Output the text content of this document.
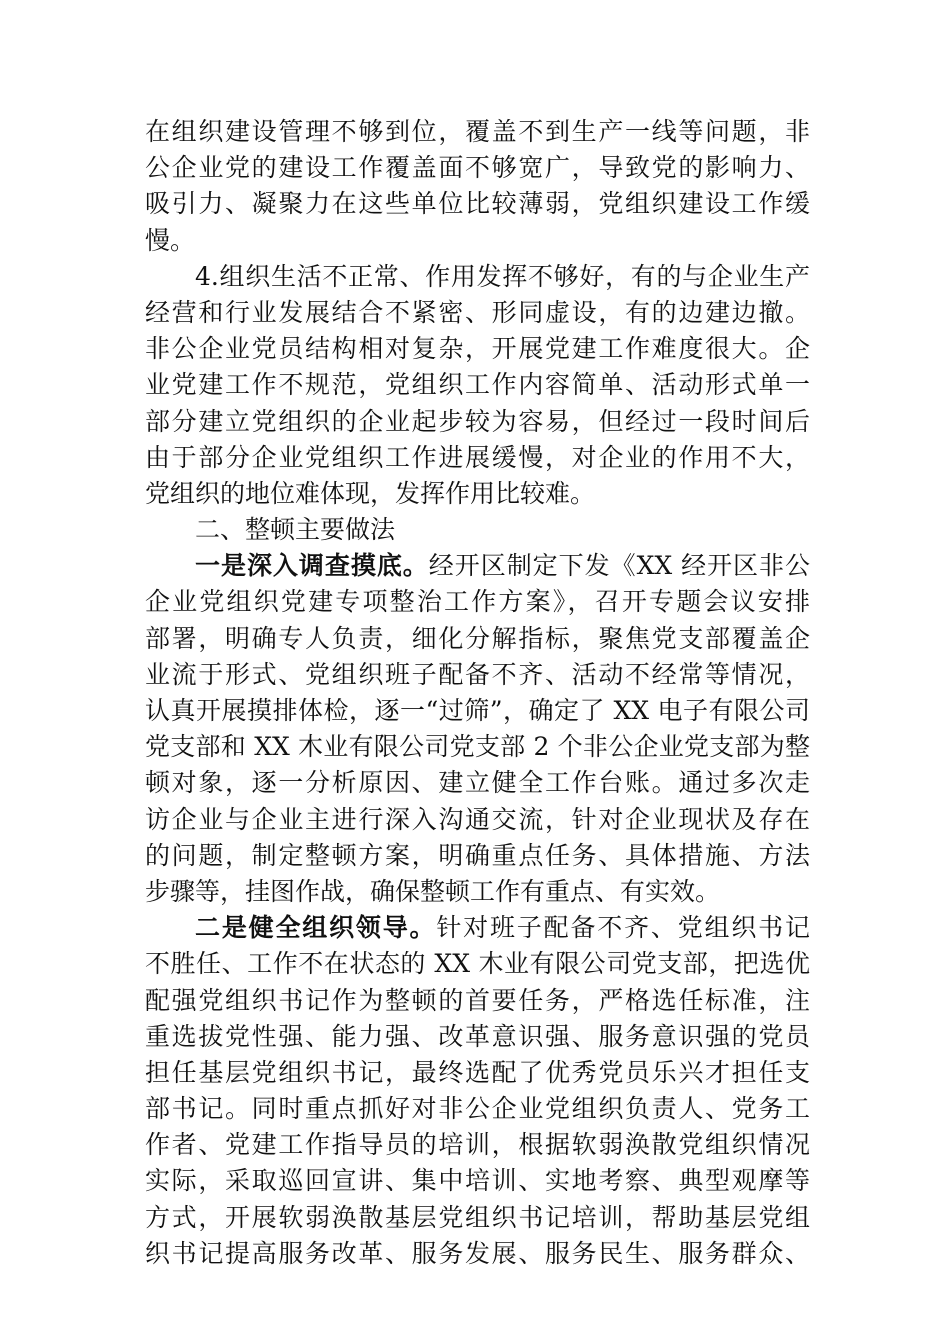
在组织建设管理不够到位，覆盖不到生产一线等问题，非
公企业党的建设工作覆盖面不够宽广，导致党的影响力、
吸引力、凝聚力在这些单位比较薄弱，党组织建设工作缓
慢。
4.组织生活不正常、作用发挥不够好，有的与企业生产
经营和行业发展结合不紧密、形同虚设，有的边建边撤。
非公企业党员结构相对复杂，开展党建工作难度很大。企
业党建工作不规范，党组织工作内容简单、活动形式单一
部分建立党组织的企业起步较为容易，但经过一段时间后
由于部分企业党组织工作进展缓慢，对企业的作用不大，
党组织的地位难体现，发挥作用比较难。
二、整顿主要做法
一是深入调查摸底。经开区制定下发《XX 经开区非公
企业党组织党建专项整治工作方案》，召开专题会议安排
部署，明确专人负责，细化分解指标，聚焦党支部覆盖企
业流于形式、党组织班子配备不齐、活动不经常等情况，
认真开展摸排体检，逐一“过筛”，确定了 XX 电子有限公司
党支部和 XX 木业有限公司党支部 2 个非公企业党支部为整
顿对象，逐一分析原因、建立健全工作台账。通过多次走
访企业与企业主进行深入沟通交流，针对企业现状及存在
的问题，制定整顿方案，明确重点任务、具体措施、方法
步骤等，挂图作战，确保整顿工作有重点、有实效。
二是健全组织领导。针对班子配备不齐、党组织书记
不胜任、工作不在状态的 XX 木业有限公司党支部，把选优
配强党组织书记作为整顿的首要任务，严格选任标准，注
重选拔党性强、能力强、改革意识强、服务意识强的党员
担任基层党组织书记，最终选配了优秀党员乐兴才担任支
部书记。同时重点抓好对非公企业党组织负责人、党务工
作者、党建工作指导员的培训，根据软弱涣散党组织情况
实际，采取巡回宣讲、集中培训、实地考察、典型观摩等
方式，开展软弱涣散基层党组织书记培训，帮助基层党组
织书记提高服务改革、服务发展、服务民生、服务群众、
